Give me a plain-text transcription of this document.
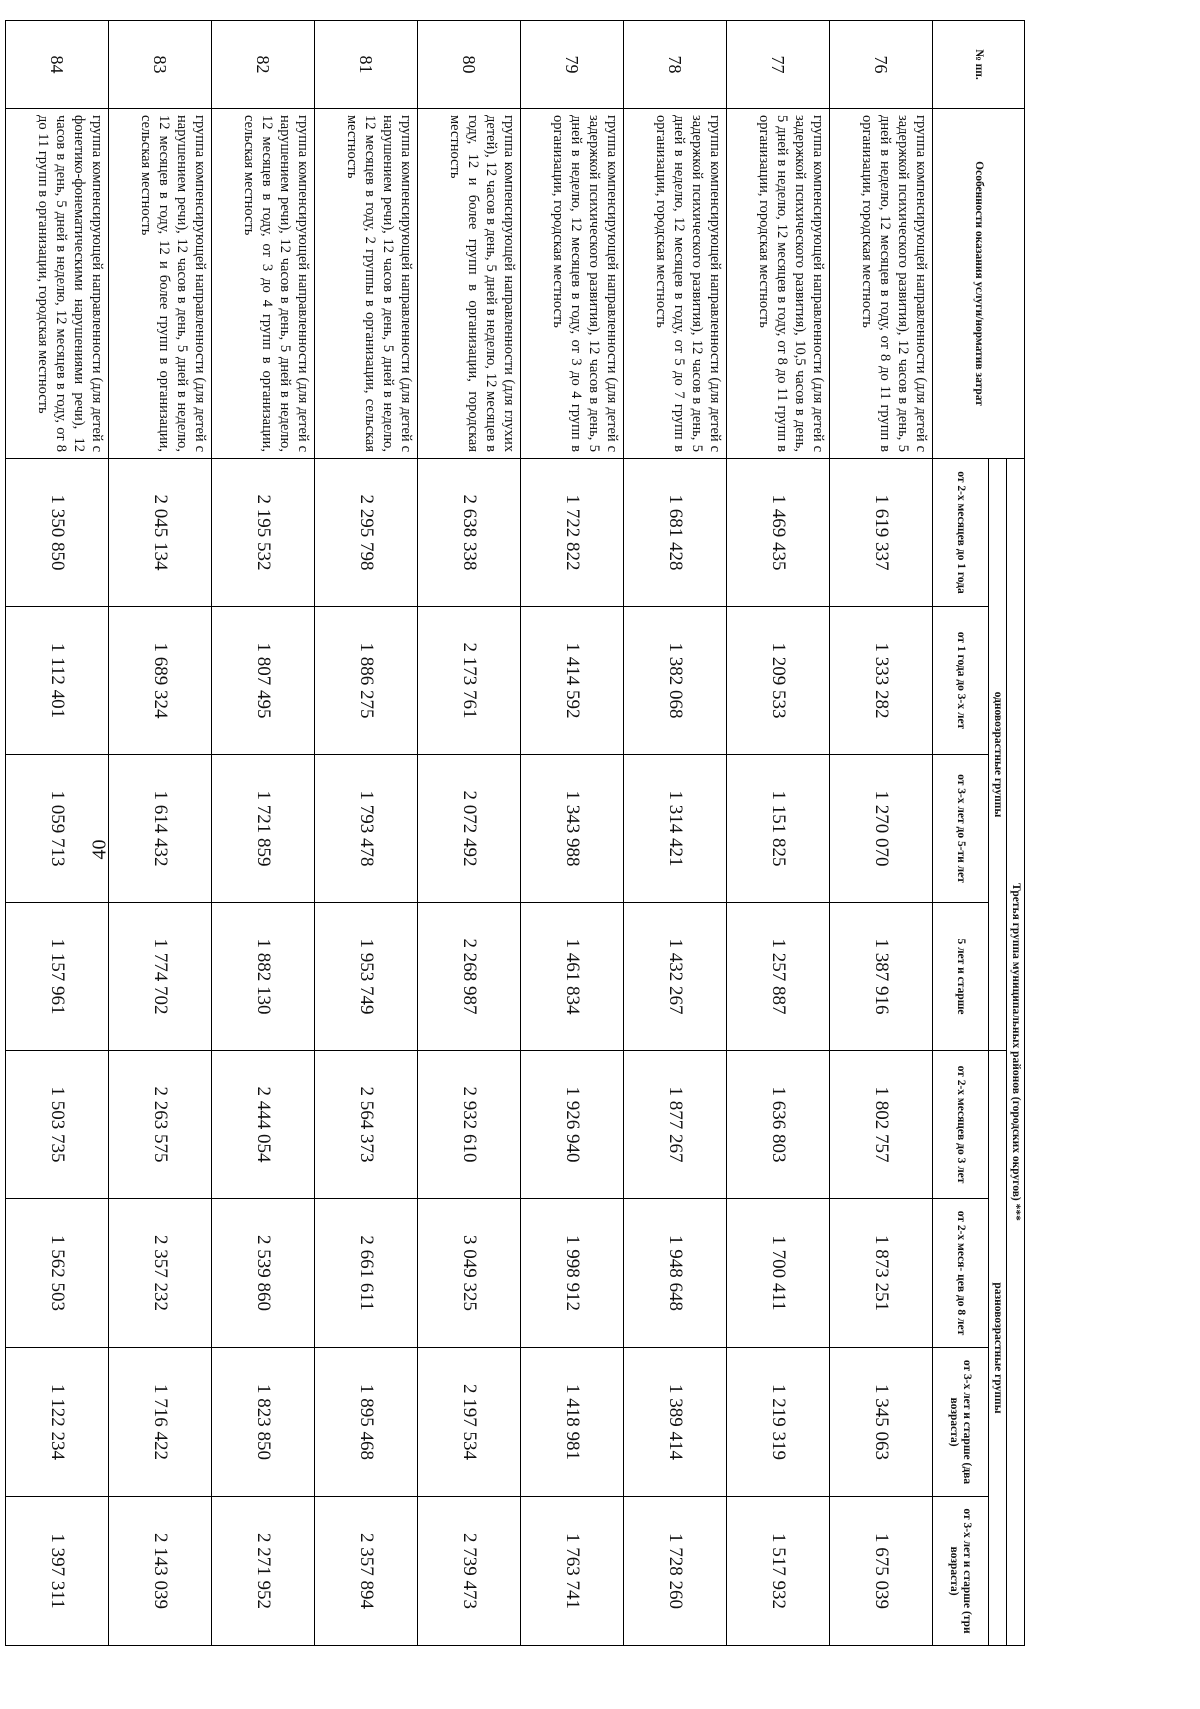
40
№ пп.	Особенности оказания услуги/норматив затрат	Третья группа муниципальных районов (городских округов) ***							
		одновозрастные группы				разновозрастные группы			
		от 2-х месяцев до 1 года	от 1 года до 3-х лет	от 3-х лет до 5-ти лет	5 лет и старше	от 2-х месяцев до 3 лет	от 2-х меся- цев до 8 лет	от 3-х лет и старше (два возраста)	от 3-х лет и старше (три возраста)
76	группа компенсирующей направленности (для детей с задержкой психического развития), 12 часов в день, 5 дней в неделю, 12 месяцев в году, от 8 до 11 групп в организации, городская местность	1 619 337	1 333 282	1 270 070	1 387 916	1 802 757	1 873 251	1 345 063	1 675 039
77	группа компенсирующей направленности (для детей с задержкой психического развития), 10,5 часов в день, 5 дней в неделю, 12 месяцев в году, от 8 до 11 групп в организации, городская местность	1 469 435	1 209 533	1 151 825	1 257 887	1 636 803	1 700 411	1 219 319	1 517 932
78	группа компенсирующей направленности (для детей с задержкой психического развития), 12 часов в день, 5 дней в неделю, 12 месяцев в году, от 5 до 7 групп в организации, городская местность	1 681 428	1 382 068	1 314 421	1 432 267	1 877 267	1 948 648	1 389 414	1 728 260
79	группа компенсирующей направленности (для детей с задержкой психического развития), 12 часов в день, 5 дней в неделю, 12 месяцев в году, от 3 до 4 групп в организации, городская местность	1 722 822	1 414 592	1 343 988	1 461 834	1 926 940	1 998 912	1 418 981	1 763 741
80	группа компенсирующей направленности (для глухих детей), 12 часов в день, 5 дней в неделю, 12 месяцев в году, 12 и более групп в организации, городская местность	2 638 338	2 173 761	2 072 492	2 268 987	2 932 610	3 049 325	2 197 534	2 739 473
81	группа компенсирующей направленности (для детей с нарушением речи), 12 часов в день, 5 дней в неделю, 12 месяцев в году, 2 группы в организации, сельская местность	2 295 798	1 886 275	1 793 478	1 953 749	2 564 373	2 661 611	1 895 468	2 357 894
82	группа компенсирующей направленности (для детей с нарушением речи), 12 часов в день, 5 дней в неделю, 12 месяцев в году, от 3 до 4 групп в организации, сельская местность	2 195 532	1 807 495	1 721 859	1 882 130	2 444 054	2 539 860	1 823 850	2 271 952
83	группа компенсирующей направленности (для детей с нарушением речи), 12 часов в день, 5 дней в неделю, 12 месяцев в году, 12 и более групп в организации, сельская местность	2 045 134	1 689 324	1 614 432	1 774 702	2 263 575	2 357 232	1 716 422	2 143 039
84	группа компенсирующей направленности (для детей с фонетико-фонематическими нарушениями речи), 12 часов в день, 5 дней в неделю, 12 месяцев в году, от 8 до 11 групп в организации, городская местность	1 350 850	1 112 401	1 059 713	1 157 961	1 503 735	1 562 503	1 122 234	1 397 311
